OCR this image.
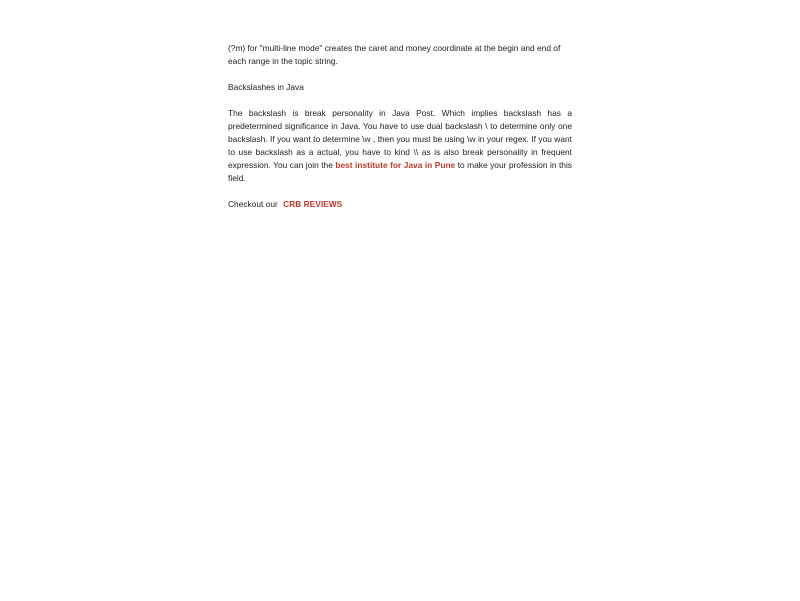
(?m) for "multi-line mode" creates the caret and money coordinate at the begin and end of each range in the topic string.

Backslashes in Java

The backslash is break personality in Java Post. Which implies backslash has a predetermined significance in Java. You have to use dual backslash \ to determine only one backslash. If you want to determine \w , then you must be using \w in your regex. If you want to use backslash as a actual, you have to kind \\ as is also break personality in frequent expression. You can join the best institute for Java in Pune to make your profession in this field.

Checkout our CRB REVIEWS
